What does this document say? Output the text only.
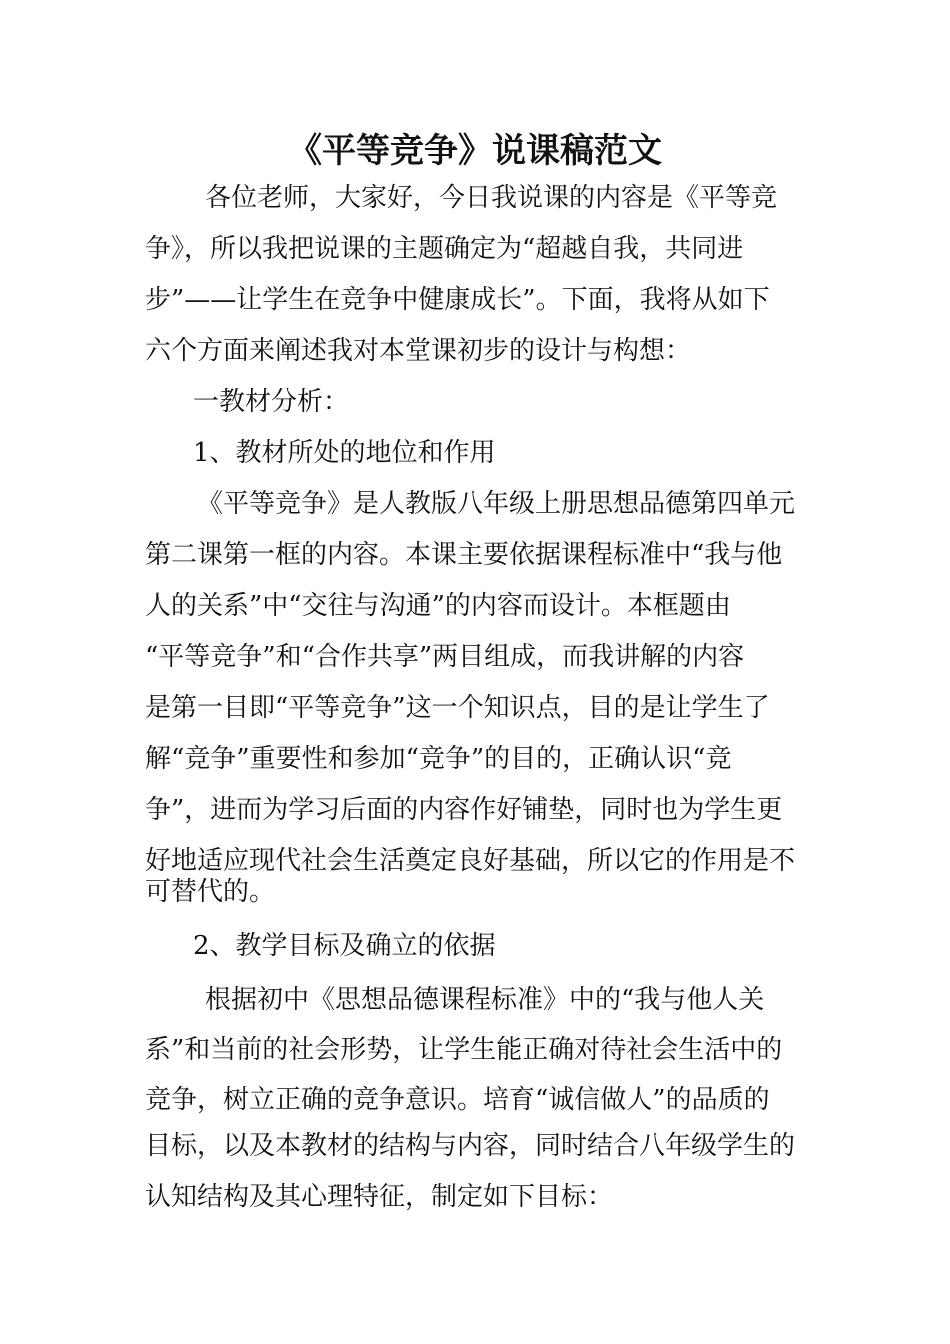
《平等竞争》说课稿范文
各位老师，大家好，今日我说课的内容是《平等竞
争》，所以我把说课的主题确定为“超越自我，共同进
步”——让学生在竞争中健康成长”。下面，我将从如下
六个方面来阐述我对本堂课初步的设计与构想：
一教材分析：
1、教材所处的地位和作用
《平等竞争》是人教版八年级上册思想品德第四单元
第二课第一框的内容。本课主要依据课程标准中“我与他
人的关系”中“交往与沟通”的内容而设计。本框题由
“平等竞争”和“合作共享”两目组成，而我讲解的内容
是第一目即“平等竞争”这一个知识点，目的是让学生了
解“竞争”重要性和参加“竞争”的目的，正确认识“竞
争”，进而为学习后面的内容作好铺垫，同时也为学生更
好地适应现代社会生活奠定良好基础，所以它的作用是不
可替代的。
2、教学目标及确立的依据
根据初中《思想品德课程标准》中的“我与他人关
系”和当前的社会形势，让学生能正确对待社会生活中的
竞争，树立正确的竞争意识。培育“诚信做人”的品质的
目标，以及本教材的结构与内容，同时结合八年级学生的
认知结构及其心理特征，制定如下目标：
